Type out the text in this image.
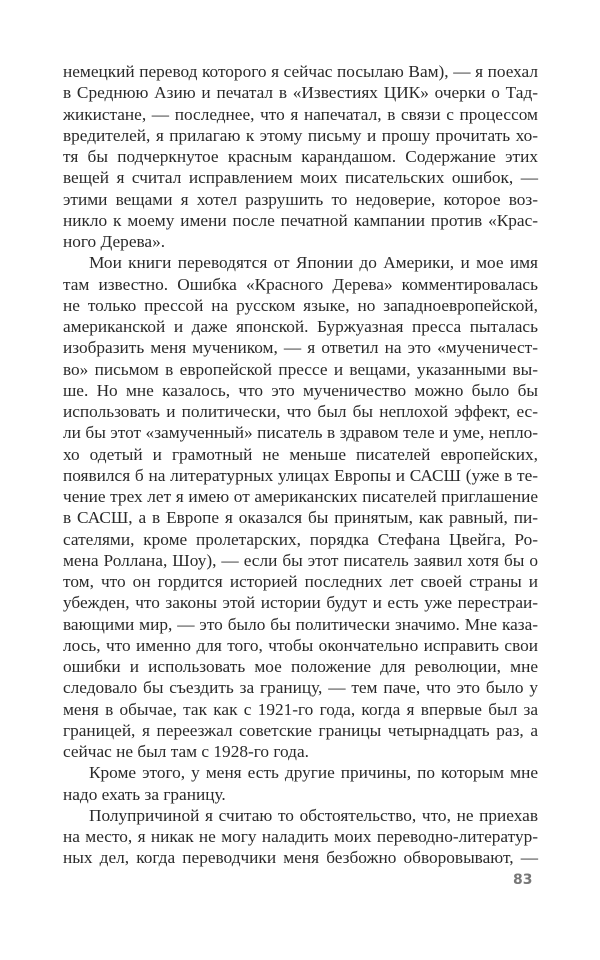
немецкий перевод которого я сейчас посылаю Вам), — я поехал
в Среднюю Азию и печатал в «Известиях ЦИК» очерки о Тад-
жикистане, — последнее, что я напечатал, в связи с процессом
вредителей, я прилагаю к этому письму и прошу прочитать хо-
тя бы подчеркнутое красным карандашом. Содержание этих
вещей я считал исправлением моих писательских ошибок, —
этими вещами я хотел разрушить то недоверие, которое воз-
никло к моему имени после печатной кампании против «Крас-
ного Дерева».
Мои книги переводятся от Японии до Америки, и мое имя
там известно. Ошибка «Красного Дерева» комментировалась
не только прессой на русском языке, но западноевропейской,
американской и даже японской. Буржуазная пресса пыталась
изобразить меня мучеником, — я ответил на это «мученичест-
во» письмом в европейской прессе и вещами, указанными вы-
ше. Но мне казалось, что это мученичество можно было бы
использовать и политически, что был бы неплохой эффект, ес-
ли бы этот «замученный» писатель в здравом теле и уме, непло-
хо одетый и грамотный не меньше писателей европейских,
появился б на литературных улицах Европы и САСШ (уже в те-
чение трех лет я имею от американских писателей приглашение
в САСШ, а в Европе я оказался бы принятым, как равный, пи-
сателями, кроме пролетарских, порядка Стефана Цвейга, Ро-
мена Роллана, Шоу), — если бы этот писатель заявил хотя бы о
том, что он гордится историей последних лет своей страны и
убежден, что законы этой истории будут и есть уже перестраи-
вающими мир, — это было бы политически значимо. Мне каза-
лось, что именно для того, чтобы окончательно исправить свои
ошибки и использовать мое положение для революции, мне
следовало бы съездить за границу, — тем паче, что это было у
меня в обычае, так как с 1921-го года, когда я впервые был за
границей, я переезжал советские границы четырнадцать раз, а
сейчас не был там с 1928-го года.
Кроме этого, у меня есть другие причины, по которым мне
надо ехать за границу.
Полупричиной я считаю то обстоятельство, что, не приехав
на место, я никак не могу наладить моих переводно-литератур-
ных дел, когда переводчики меня безбожно обворовывают, —
83
